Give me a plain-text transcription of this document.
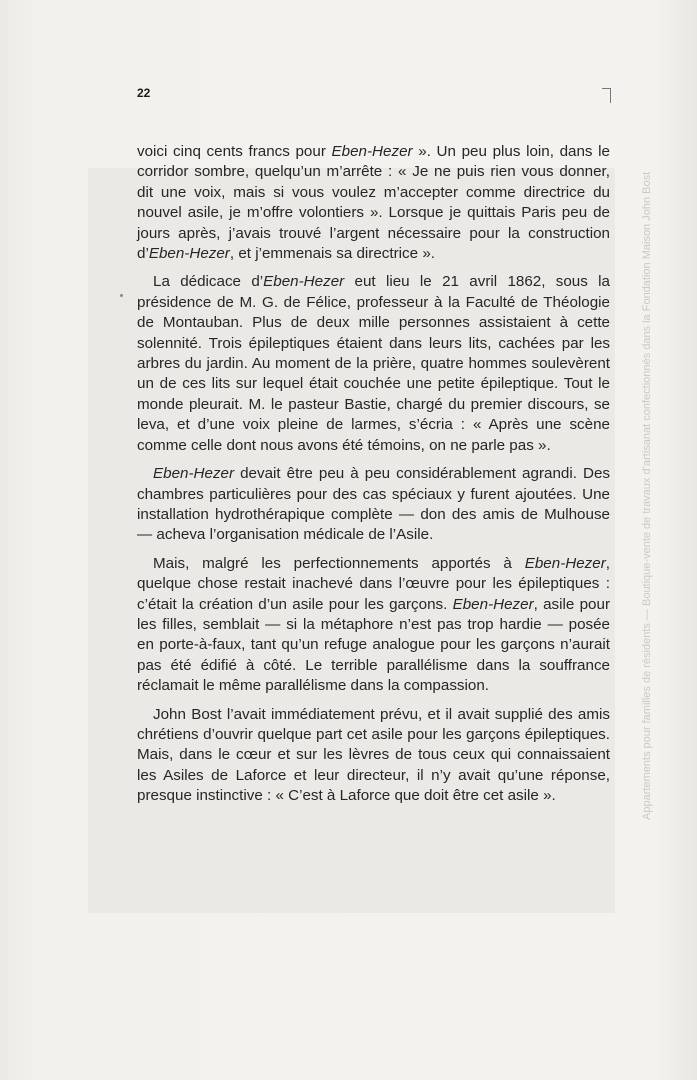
Appartements pour familles de résidents — Boutique-vente de travaux d’artisanat confectionnés dans la Fondation Maison John Bost
22

voici cinq cents francs pour Eben-Hezer ». Un peu plus loin, dans le corridor sombre, quelqu’un m’arrête : « Je ne puis rien vous donner, dit une voix, mais si vous voulez m’accepter comme directrice du nouvel asile, je m’offre volontiers ». Lorsque je quittais Paris peu de jours après, j’avais trouvé l’argent nécessaire pour la construction d’Eben-Hezer, et j’emmenais sa directrice ».

La dédicace d’Eben-Hezer eut lieu le 21 avril 1862, sous la présidence de M. G. de Félice, professeur à la Faculté de Théologie de Montauban. Plus de deux mille personnes assistaient à cette solennité. Trois épileptiques étaient dans leurs lits, cachées par les arbres du jardin. Au moment de la prière, quatre hommes soulevèrent un de ces lits sur lequel était couchée une petite épileptique. Tout le monde pleurait. M. le pasteur Bastie, chargé du premier discours, se leva, et d’une voix pleine de larmes, s’écria : « Après une scène comme celle dont nous avons été témoins, on ne parle pas ».

Eben-Hezer devait être peu à peu considérablement agrandi. Des chambres particulières pour des cas spéciaux y furent ajoutées. Une installation hydrothérapique complète — don des amis de Mulhouse — acheva l’organisation médicale de l’Asile.

Mais, malgré les perfectionnements apportés à Eben-Hezer, quelque chose restait inachevé dans l’œuvre pour les épileptiques : c’était la création d’un asile pour les garçons. Eben-Hezer, asile pour les filles, semblait — si la métaphore n’est pas trop hardie — posée en porte-à-faux, tant qu’un refuge analogue pour les garçons n’aurait pas été édifié à côté. Le terrible parallélisme dans la souffrance réclamait le même parallélisme dans la compassion.

John Bost l’avait immédiatement prévu, et il avait supplié des amis chrétiens d’ouvrir quelque part cet asile pour les garçons épileptiques. Mais, dans le cœur et sur les lèvres de tous ceux qui connaissaient les Asiles de Laforce et leur directeur, il n’y avait qu’une réponse, presque instinctive : « C’est à Laforce que doit être cet asile ».
